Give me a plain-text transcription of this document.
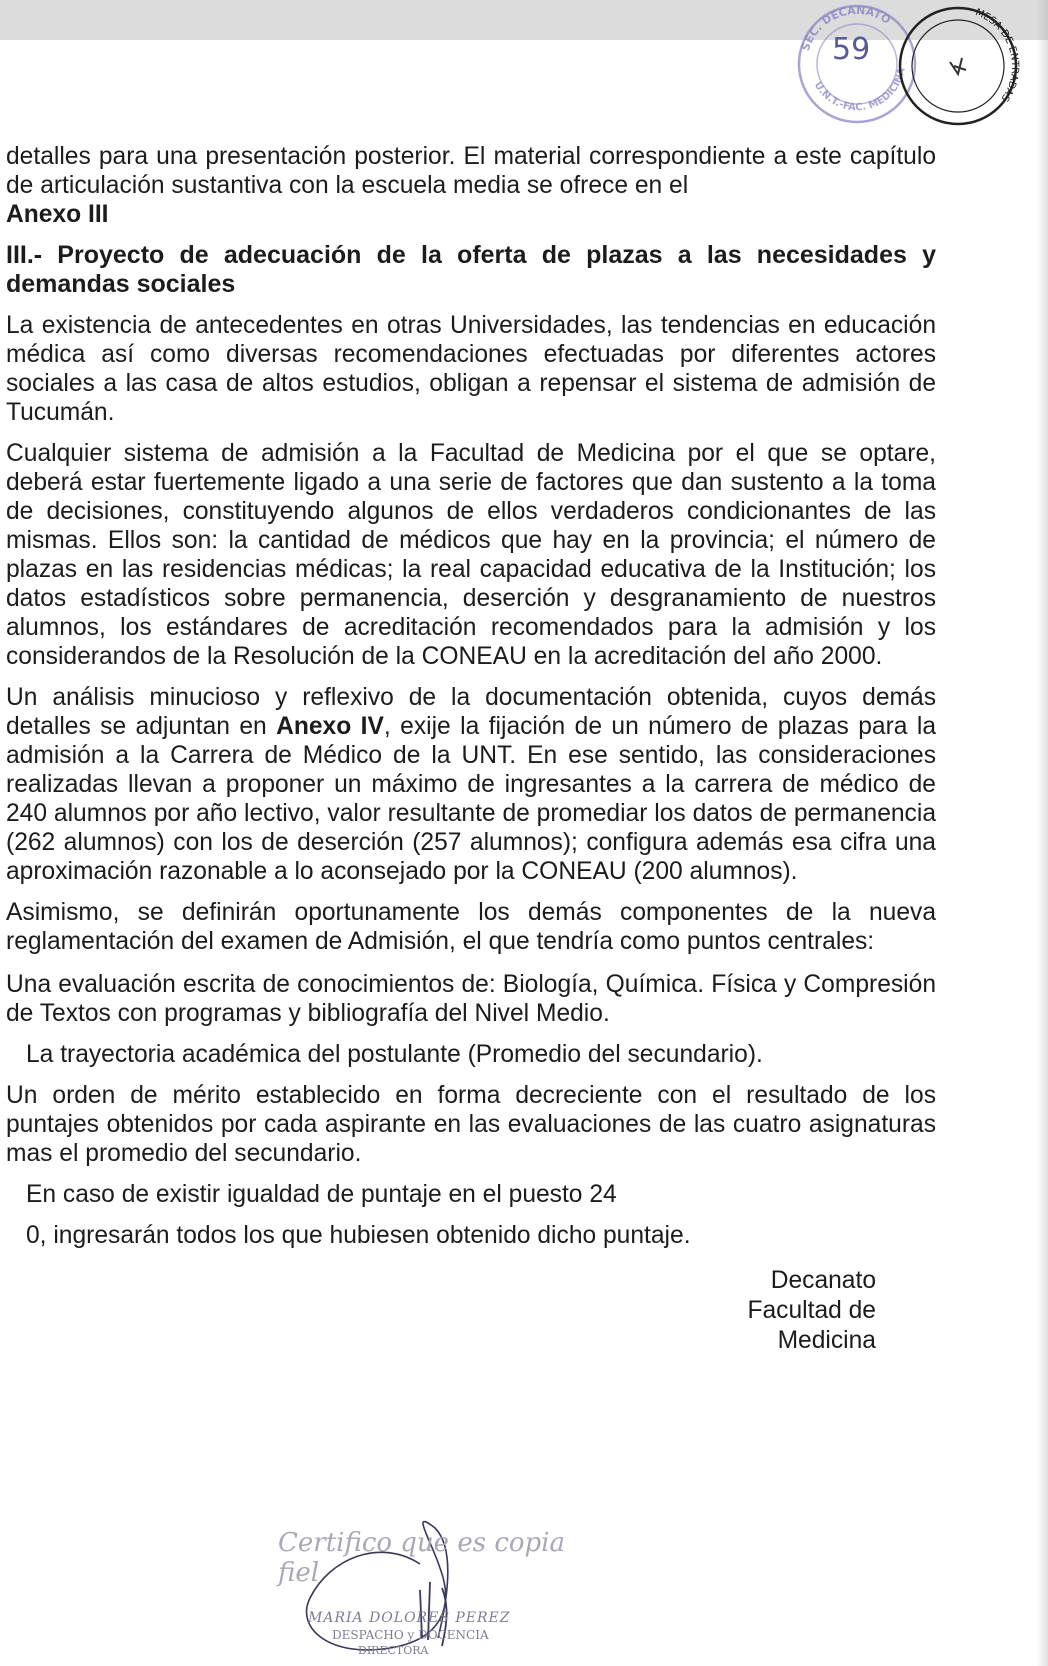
SEC. DECANATO
U.N.T.-FAC. MEDICINA
59
MESA DE ENTRADAS

detalles para una presentación posterior. El material correspondiente a este capítulo de articulación sustantiva con la escuela media se ofrece en el
Anexo III

III.- Proyecto de adecuación de la oferta de plazas a las necesidades y demandas sociales

La existencia de antecedentes en otras Universidades, las tendencias en educación médica así como diversas recomendaciones efectuadas por diferentes actores sociales a las casa de altos estudios, obligan a repensar el sistema de admisión de Tucumán.

Cualquier sistema de admisión a la Facultad de Medicina por el que se optare, deberá estar fuertemente ligado a una serie de factores que dan sustento a la toma de decisiones, constituyendo algunos de ellos verdaderos condicionantes de las mismas. Ellos son: la cantidad de médicos que hay en la provincia; el número de plazas en las residencias médicas; la real capacidad educativa de la Institución; los datos estadísticos sobre permanencia, deserción y desgranamiento de nuestros alumnos, los estándares de acreditación recomendados para la admisión y los considerandos de la Resolución de la CONEAU en la acreditación del año 2000.

Un análisis minucioso y reflexivo de la documentación obtenida, cuyos demás detalles se adjuntan en Anexo IV, exije la fijación de un número de plazas para la admisión a la Carrera de Médico de la UNT. En ese sentido, las consideraciones realizadas llevan a proponer un máximo de ingresantes a la carrera de médico de 240 alumnos por año lectivo, valor resultante de promediar los datos de permanencia (262 alumnos) con los de deserción (257 alumnos); configura además esa cifra una aproximación razonable a lo aconsejado por la CONEAU (200 alumnos).

Asimismo, se definirán oportunamente los demás componentes de la nueva reglamentación del examen de Admisión, el que tendría como puntos centrales:

Una evaluación escrita de conocimientos de: Biología, Química. Física y Compresión de Textos con programas y bibliografía del Nivel Medio.

La trayectoria académica del postulante (Promedio del secundario).

Un orden de mérito establecido en forma decreciente con el resultado de los puntajes obtenidos por cada aspirante en las evaluaciones de las cuatro asignaturas mas el promedio del secundario.

En caso de existir igualdad de puntaje en el puesto 24

0, ingresarán todos los que hubiesen obtenido dicho puntaje.

Decanato
Facultad de
Medicina
Certifico que es copia fiel
MARIA DOLORES PEREZ
DESPACHO y DOCENCIA
DIRECTORA
